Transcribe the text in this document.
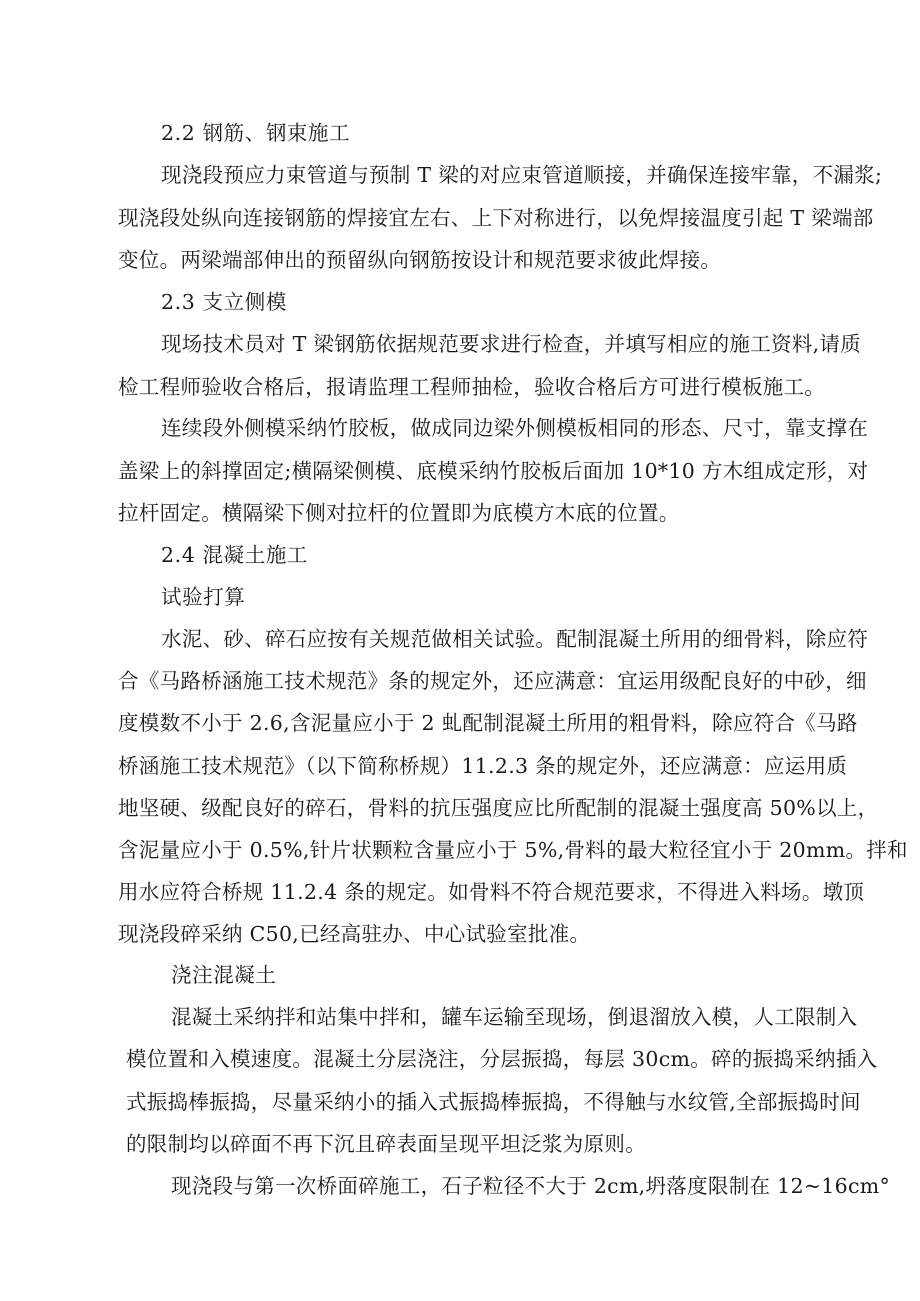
2.2 钢筋、钢束施工
现浇段预应力束管道与预制 T 梁的对应束管道顺接，并确保连接牢靠，不漏浆;
现浇段处纵向连接钢筋的焊接宜左右、上下对称进行，以免焊接温度引起 T 梁端部
变位。两梁端部伸出的预留纵向钢筋按设计和规范要求彼此焊接。
2.3 支立侧模
现场技术员对 T 梁钢筋依据规范要求进行检查，并填写相应的施工资料,请质
检工程师验收合格后，报请监理工程师抽检，验收合格后方可进行模板施工。
连续段外侧模采纳竹胶板，做成同边梁外侧模板相同的形态、尺寸，靠支撑在
盖梁上的斜撑固定;横隔梁侧模、底模采纳竹胶板后面加 10*10 方木组成定形，对
拉杆固定。横隔梁下侧对拉杆的位置即为底模方木底的位置。
2.4 混凝土施工
试验打算
水泥、砂、碎石应按有关规范做相关试验。配制混凝土所用的细骨料，除应符
合《马路桥涵施工技术规范》条的规定外，还应满意：宜运用级配良好的中砂，细
度模数不小于 2.6,含泥量应小于 2 虬配制混凝土所用的粗骨料，除应符合《马路
桥涵施工技术规范》（以下简称桥规）11.2.3 条的规定外，还应满意：应运用质
地坚硬、级配良好的碎石，骨料的抗压强度应比所配制的混凝土强度高 50%以上，
含泥量应小于 0.5%,针片状颗粒含量应小于 5%,骨料的最大粒径宜小于 20mm。拌和
用水应符合桥规 11.2.4 条的规定。如骨料不符合规范要求，不得进入料场。墩顶
现浇段碎采纳 C50,已经高驻办、中心试验室批准。
浇注混凝土
混凝土采纳拌和站集中拌和，罐车运输至现场，倒退溜放入模，人工限制入
模位置和入模速度。混凝土分层浇注，分层振捣，每层 30cm。碎的振捣采纳插入
式振捣棒振捣，尽量采纳小的插入式振捣棒振捣，不得触与水纹管,全部振捣时间
的限制均以碎面不再下沉且碎表面呈现平坦泛浆为原则。
现浇段与第一次桥面碎施工，石子粒径不大于 2cm,坍落度限制在 12~16cm°
